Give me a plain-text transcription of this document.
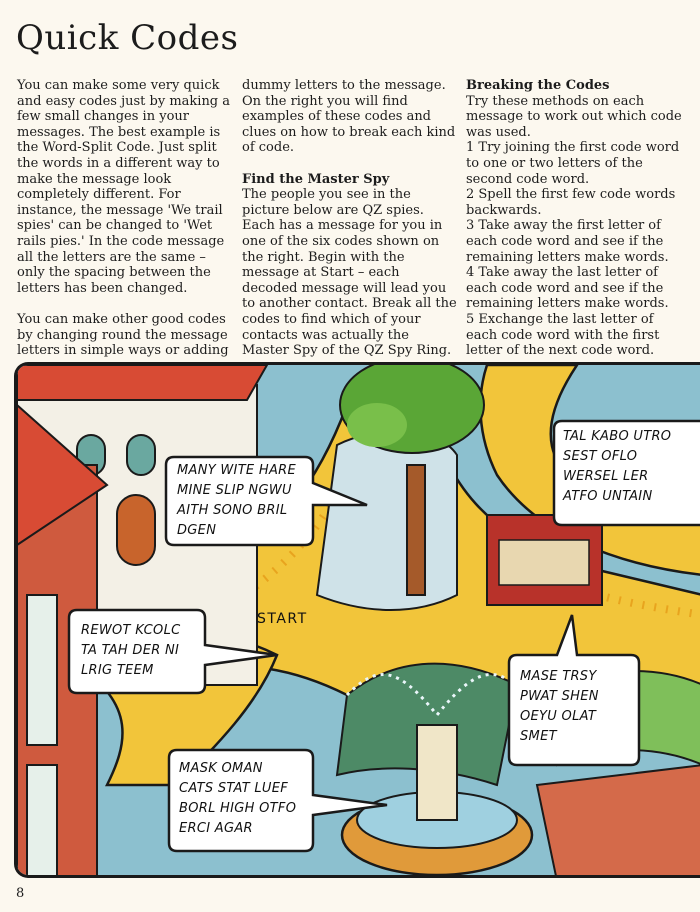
Quick Codes

You can make some very quick and easy codes just by making a few small changes in your messages. The best example is the Word-Split Code. Just split the words in a different way to make the message look completely different. For instance, the message 'We trail spies' can be changed to 'Wet rails pies.' In the code message all the letters are the same – only the spacing between the letters has been changed.

You can make other good codes by changing round the message letters in simple ways or adding

dummy letters to the message. On the right you will find examples of these codes and clues on how to break each kind of code.

Find the Master Spy

The people you see in the picture below are QZ spies. Each has a message for you in one of the six codes shown on the right. Begin with the message at Start – each decoded message will lead you to another contact. Break all the codes to find which of your contacts was actually the Master Spy of the QZ Spy Ring.

Breaking the Codes

Try these methods on each message to work out which code was used.

1 Try joining the first code word to one or two letters of the second code word.
2 Spell the first few code words backwards.
3 Take away the first letter of each code word and see if the remaining letters make words.
4 Take away the last letter of each code word and see if the remaining letters make words.
5 Exchange the last letter of each code word with the first letter of the next code word.
MANY WITE HARE
MINE SLIP NGWU
AITH SONO BRIL
DGEN
TAL KABO UTRO
SEST OFLO
WERSEL LER
ATFO UNTAIN
START
REWOT KCOLC
TA TAH DER NI
LRIG TEEM	MASE TRSY
PWAT SHEN
OEYU OLAT
SMET
MASK OMAN
CATS STAT LUEF
BORL HIGH OTFO
ERCI AGAR
8
